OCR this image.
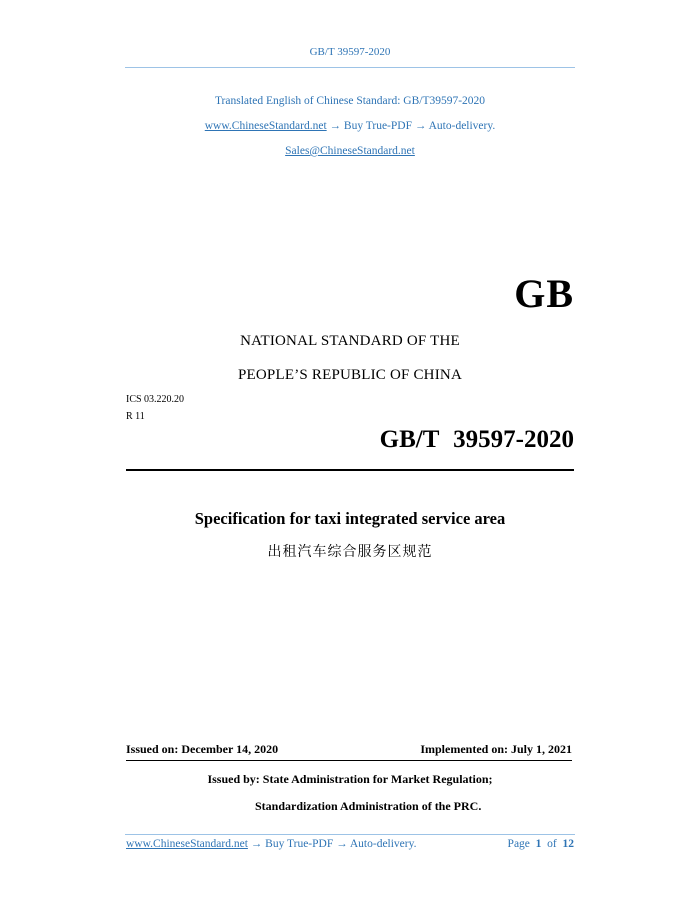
GB/T 39597-2020
Translated English of Chinese Standard: GB/T39597-2020
www.ChineseStandard.net → Buy True-PDF → Auto-delivery.
Sales@ChineseStandard.net
GB
NATIONAL STANDARD OF THE
PEOPLE’S REPUBLIC OF CHINA
ICS 03.220.20
R 11
GB/T 39597-2020
Specification for taxi integrated service area
出租汽车综合服务区规范
Issued on: December 14, 2020	Implemented on: July 1, 2021
Issued by: State Administration for Market Regulation;
Standardization Administration of the PRC.
www.ChineseStandard.net → Buy True-PDF → Auto-delivery.	Page 1 of 12
